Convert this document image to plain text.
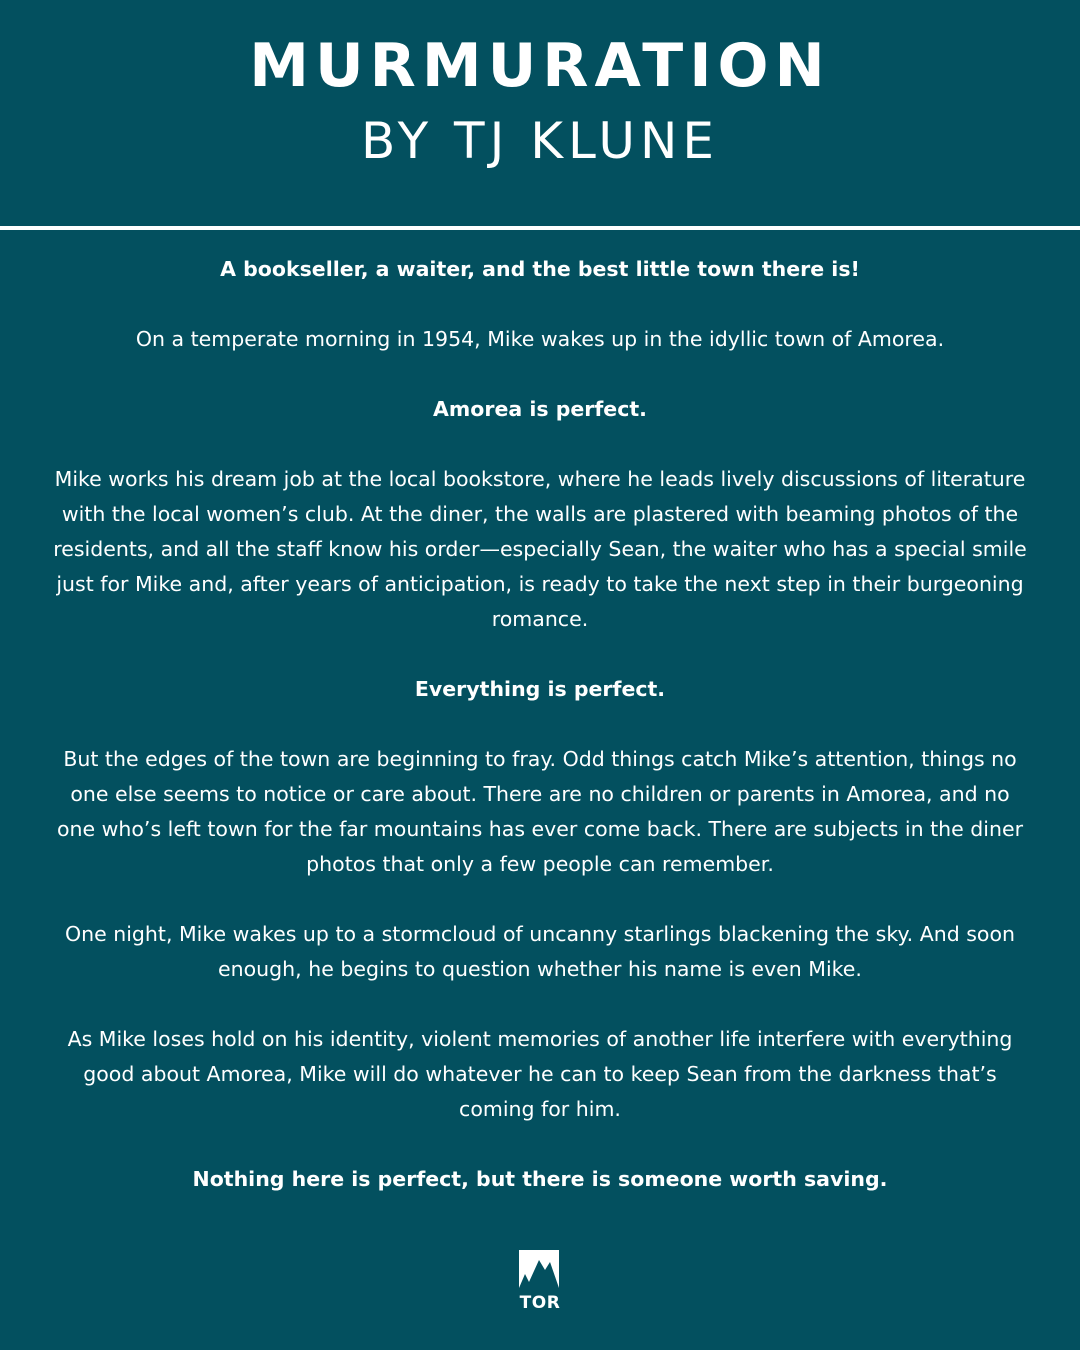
MURMURATION
BY TJ KLUNE

A bookseller, a waiter, and the best little town there is!

On a temperate morning in 1954, Mike wakes up in the idyllic town of Amorea.

Amorea is perfect.

Mike works his dream job at the local bookstore, where he leads lively discussions of literature with the local women’s club. At the diner, the walls are plastered with beaming photos of the residents, and all the staff know his order—especially Sean, the waiter who has a special smile just for Mike and, after years of anticipation, is ready to take the next step in their burgeoning romance.

Everything is perfect.

But the edges of the town are beginning to fray. Odd things catch Mike’s attention, things no one else seems to notice or care about. There are no children or parents in Amorea, and no one who’s left town for the far mountains has ever come back. There are subjects in the diner photos that only a few people can remember.

One night, Mike wakes up to a stormcloud of uncanny starlings blackening the sky. And soon enough, he begins to question whether his name is even Mike.

As Mike loses hold on his identity, violent memories of another life interfere with everything good about Amorea, Mike will do whatever he can to keep Sean from the darkness that’s coming for him.

Nothing here is perfect, but there is someone worth saving.

TOR
